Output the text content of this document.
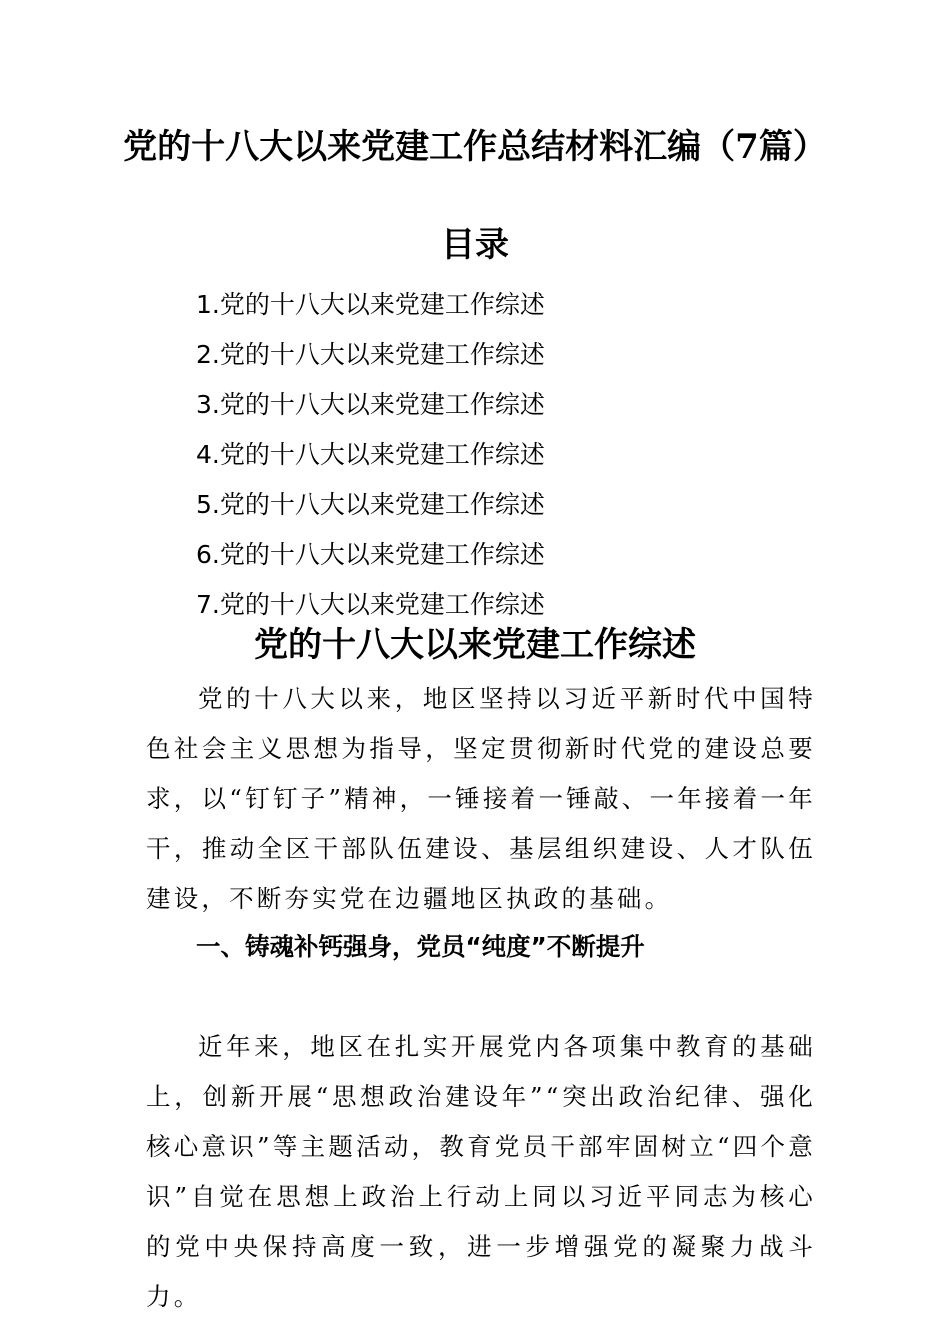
党的十八大以来党建工作总结材料汇编（7篇）
目录
1.党的十八大以来党建工作综述
2.党的十八大以来党建工作综述
3.党的十八大以来党建工作综述
4.党的十八大以来党建工作综述
5.党的十八大以来党建工作综述
6.党的十八大以来党建工作综述
7.党的十八大以来党建工作综述
党的十八大以来党建工作综述

党的十八大以来，地区坚持以习近平新时代中国特色社会主义思想为指导，坚定贯彻新时代党的建设总要求，以“钉钉子”精神，一锤接着一锤敲、一年接着一年干，推动全区干部队伍建设、基层组织建设、人才队伍建设，不断夯实党在边疆地区执政的基础。

一、铸魂补钙强身，党员“纯度”不断提升

近年来，地区在扎实开展党内各项集中教育的基础上，创新开展“思想政治建设年”“突出政治纪律、强化核心意识”等主题活动，教育党员干部牢固树立“四个意识”自觉在思想上政治上行动上同以习近平同志为核心的党中央保持高度一致，进一步增强党的凝聚力战斗力。
